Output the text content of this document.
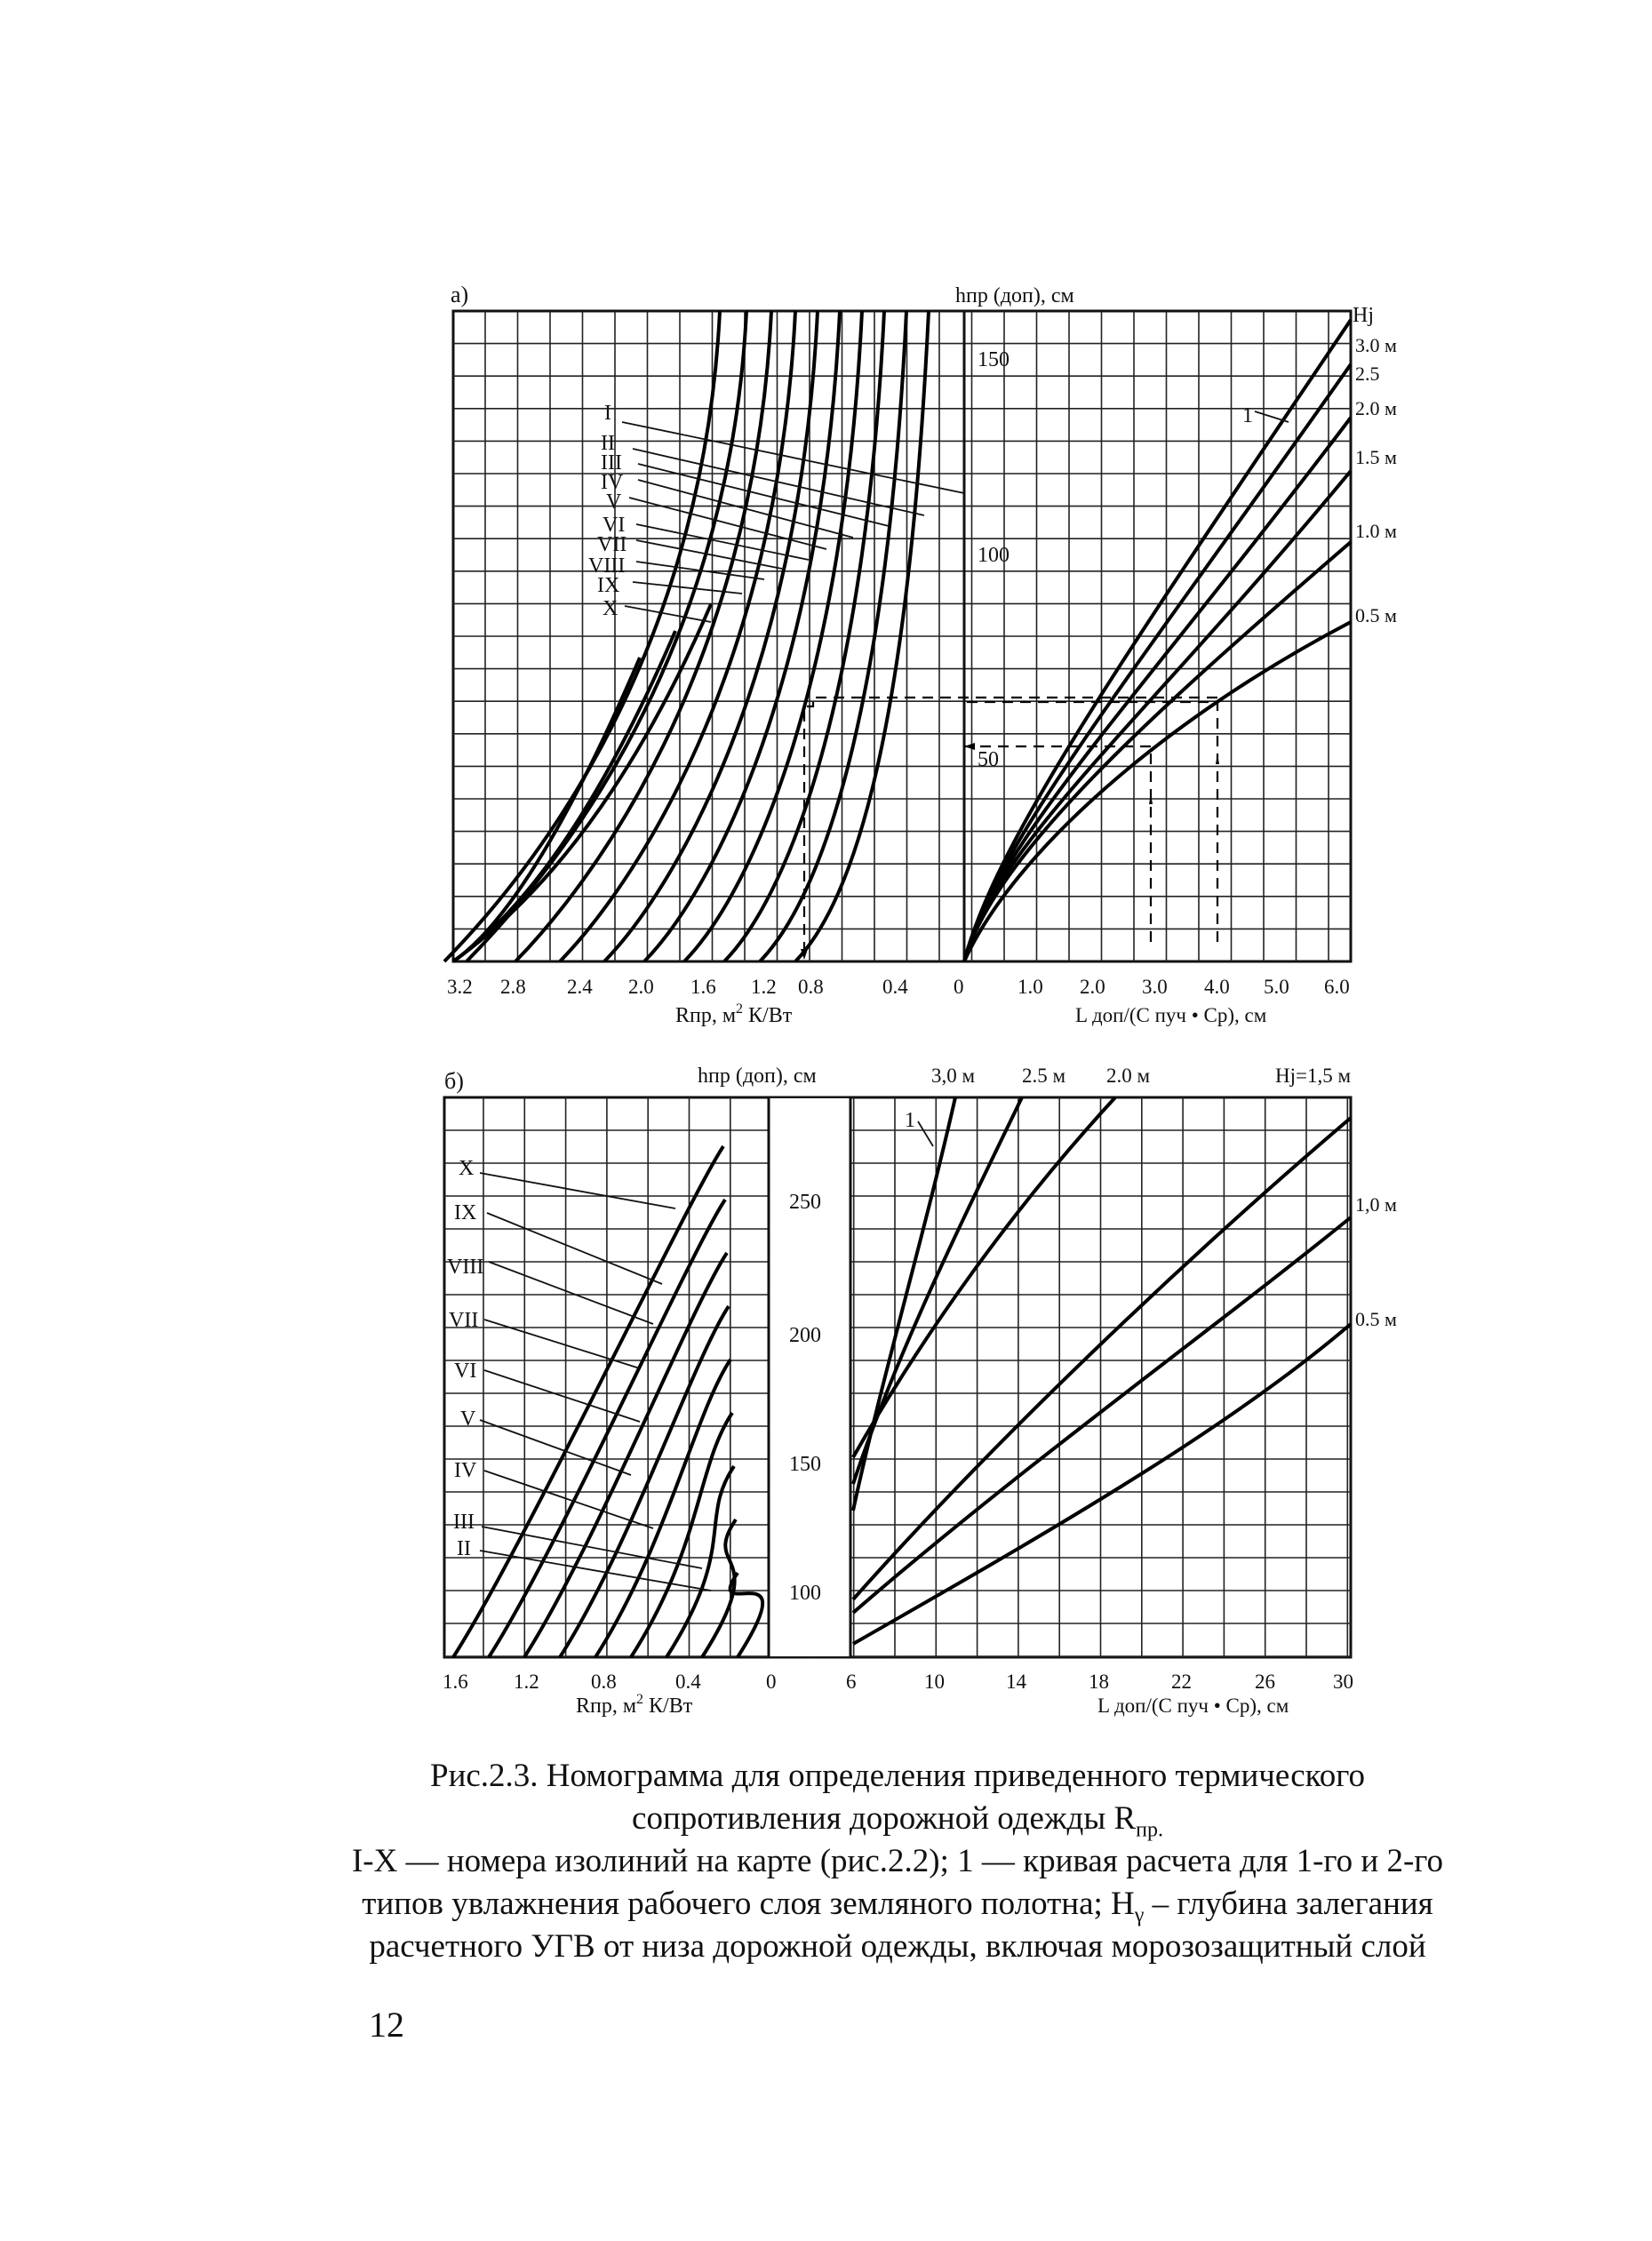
а)	hпр (доп), см
Hj
150
100
50
I
II
III
IV
V
VI
VII
VIII
IX
X
3.0 м
2.5
2.0 м
1.5 м
1.0 м
0.5 м
1
3.2 2.8 2.4 2.0 1.6 1.2 0.8	0.4 0	1.0 2.0 3.0 4.0 5.0 6.0
Rпр, $м^2$ К/Вт	L доп/(С пуч • Ср), см
б)	hпр (доп), см	3,0 м 2.5 м 2.0 м	Hj=1,5 м
250
200
150
100
X
IX
VIII
VII
VI
V
IV
III
II
1
1,0 м
0.5 м
1.6 1.2	0.8	0.4	0	6	10	14	18	22	26	30
Rпр, $м^2$ К/Вт	L доп/(С пуч • Ср), см
Рис.2.3. Номограмма для определения приведенного термического
сопротивления дорожной одежды $R_{пр.}$
I-X — номера изолиний на карте (рис.2.2); 1 — кривая расчета для 1-го и 2-го
типов увлажнения рабочего слоя земляного полотна; $H_\gamma$ – глубина залегания
расчетного УГВ от низа дорожной одежды, включая морозозащитный слой
12
